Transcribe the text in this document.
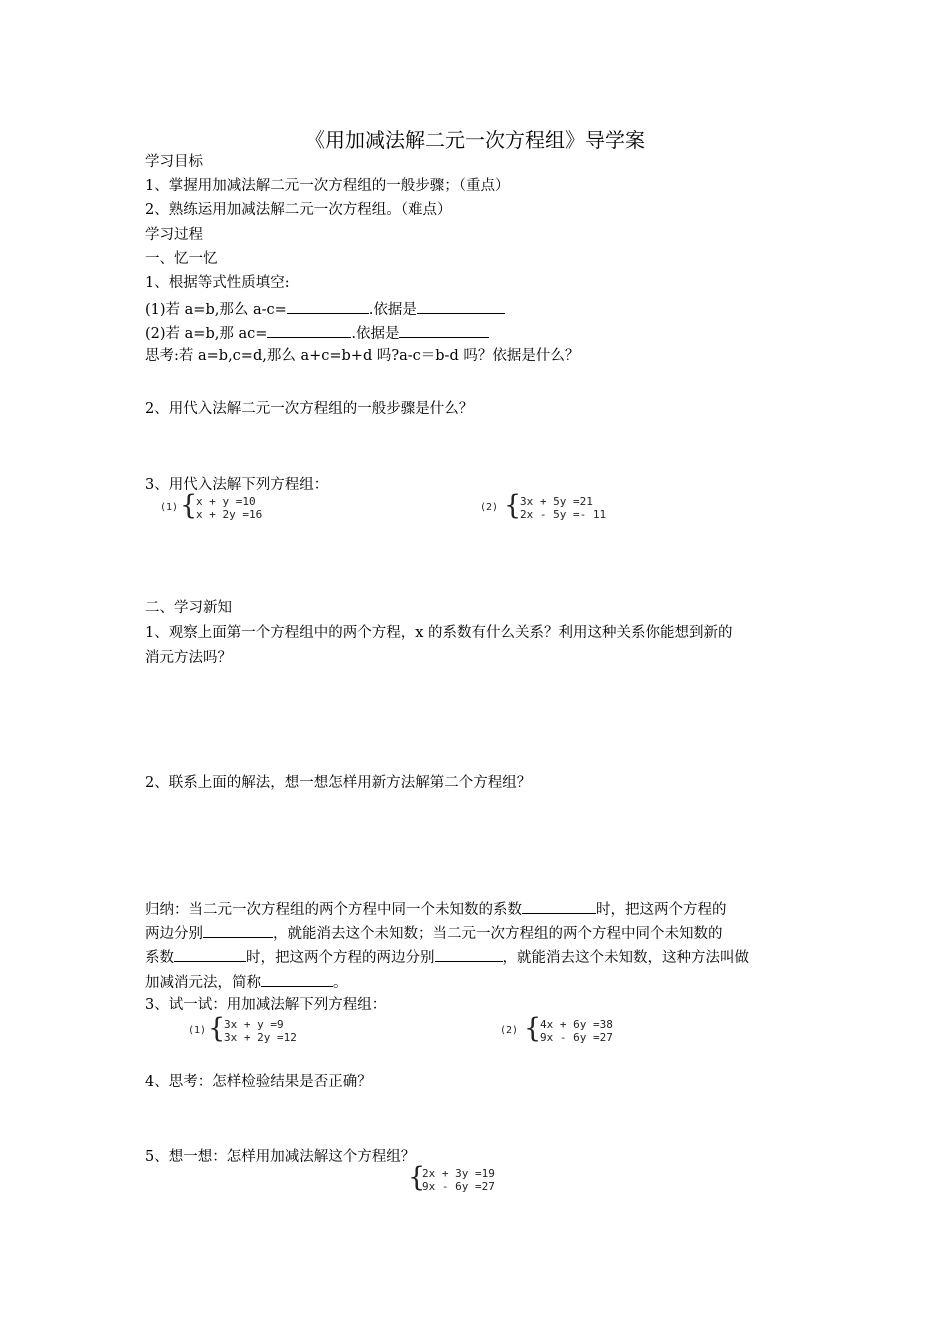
《用加减法解二元一次方程组》导学案
学习目标
1、掌握用加减法解二元一次方程组的一般步骤；（重点）
2、熟练运用加减法解二元一次方程组。（难点）
学习过程
一、忆一忆
1、根据等式性质填空:
(1)若 a=b,那么 a-c=	.依据是
(2)若 a=b,那 ac=	.依据是
思考:若 a=b,c=d,那么 a+c=b+d 吗?a-c＝b-d 吗？依据是什么？
2、用代入法解二元一次方程组的一般步骤是什么？
3、用代入法解下列方程组：
(1) {
x + y =10
x + 2y =16
(2) {
3x + 5y =21
2x - 5y =- 11
二、学习新知
1、观察上面第一个方程组中的两个方程，x 的系数有什么关系？利用这种关系你能想到新的
消元方法吗？
2、联系上面的解法，想一想怎样用新方法解第二个方程组？
归纳：当二元一次方程组的两个方程中同一个未知数的系数	时，把这两个方程的
两边分别	，就能消去这个未知数；当二元一次方程组的两个方程中同个未知数的
系数	时，把这两个方程的两边分别	，就能消去这个未知数，这种方法叫做
加减消元法，简称	。
3、试一试：用加减法解下列方程组：
(1) {
3x + y =9
3x + 2y =12
(2) {
4x + 6y =38
9x - 6y =27
4、思考：怎样检验结果是否正确？
5、想一想：怎样用加减法解这个方程组？
{
2x + 3y =19
9x - 6y =27
